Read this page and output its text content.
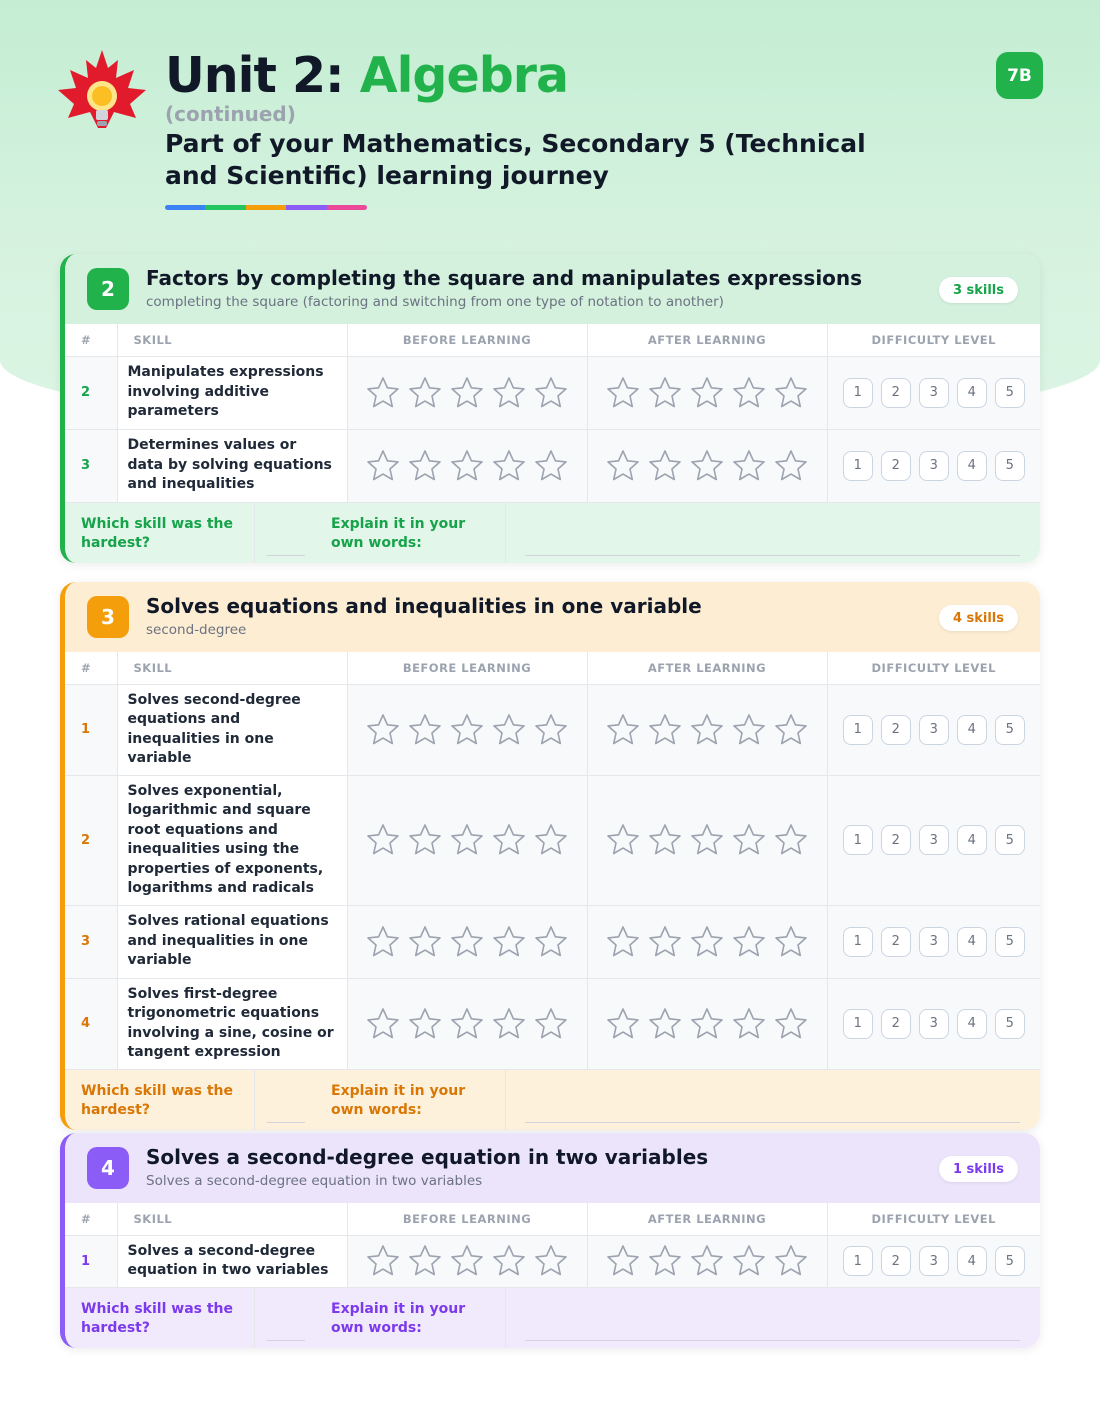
Unit 2: Algebra
(continued)
Part of your Mathematics, Secondary 5 (Technical and Scientific) learning journey
7B
2	Factors by completing the square and manipulates expressions
completing the square (factoring and switching from one type of notation to another)
3 skills
#	SKILL	BEFORE LEARNING	AFTER LEARNING	DIFFICULTY LEVEL
2	Manipulates expressions involving additive parameters			1 2 3 4 5

3	Determines values or data by solving equations and inequalities			1 2 3 4 5
Which skill was the hardest?
Explain it in your own words:
3	Solves equations and inequalities in one variable
second-degree
4 skills
#	SKILL	BEFORE LEARNING	AFTER LEARNING	DIFFICULTY LEVEL
1	Solves second-degree equations and inequalities in one variable			1 2 3 4 5

2	Solves exponential, logarithmic and square root equations and inequalities using the properties of exponents, logarithms and radicals			1 2 3 4 5

3	Solves rational equations and inequalities in one variable			1 2 3 4 5

4	Solves first-degree trigonometric equations involving a sine, cosine or tangent expression			1 2 3 4 5
Which skill was the hardest?
Explain it in your own words:
4	Solves a second-degree equation in two variables
Solves a second-degree equation in two variables
1 skills
#	SKILL	BEFORE LEARNING	AFTER LEARNING	DIFFICULTY LEVEL
1	Solves a second-degree equation in two variables			1 2 3 4 5
Which skill was the hardest?
Explain it in your own words:
